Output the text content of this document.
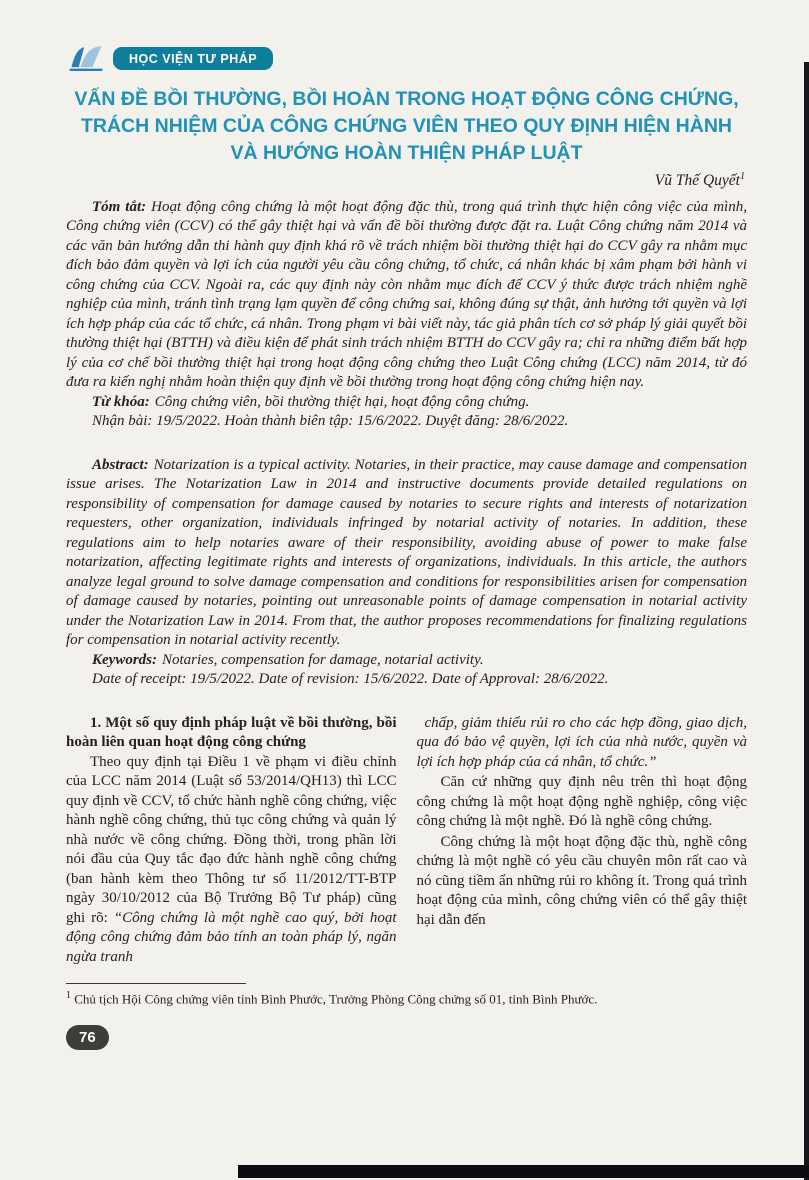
HỌC VIỆN TƯ PHÁP
VẤN ĐỀ BỒI THƯỜNG, BỒI HOÀN TRONG HOẠT ĐỘNG CÔNG CHỨNG, TRÁCH NHIỆM CỦA CÔNG CHỨNG VIÊN THEO QUY ĐỊNH HIỆN HÀNH VÀ HƯỚNG HOÀN THIỆN PHÁP LUẬT
Vũ Thế Quyết$^1$

Tóm tắt: Hoạt động công chứng là một hoạt động đặc thù, trong quá trình thực hiện công việc của mình, Công chứng viên (CCV) có thể gây thiệt hại và vấn đề bồi thường được đặt ra. Luật Công chứng năm 2014 và các văn bản hướng dẫn thi hành quy định khá rõ về trách nhiệm bồi thường thiệt hại do CCV gây ra nhằm mục đích bảo đảm quyền và lợi ích của người yêu cầu công chứng, tổ chức, cá nhân khác bị xâm phạm bởi hành vi công chứng của CCV. Ngoài ra, các quy định này còn nhằm mục đích để CCV ý thức được trách nhiệm nghề nghiệp của mình, tránh tình trạng lạm quyền để công chứng sai, không đúng sự thật, ảnh hưởng tới quyền và lợi ích hợp pháp của các tổ chức, cá nhân. Trong phạm vi bài viết này, tác giả phân tích cơ sở pháp lý giải quyết bồi thường thiệt hại (BTTH) và điều kiện để phát sinh trách nhiệm BTTH do CCV gây ra; chỉ ra những điểm bất hợp lý của cơ chế bồi thường thiệt hại trong hoạt động công chứng theo Luật Công chứng (LCC) năm 2014, từ đó đưa ra kiến nghị nhằm hoàn thiện quy định về bồi thường trong hoạt động công chứng hiện nay.

Từ khóa: Công chứng viên, bồi thường thiệt hại, hoạt động công chứng.

Nhận bài: 19/5/2022. Hoàn thành biên tập: 15/6/2022. Duyệt đăng: 28/6/2022.

Abstract: Notarization is a typical activity. Notaries, in their practice, may cause damage and compensation issue arises. The Notarization Law in 2014 and instructive documents provide detailed regulations on responsibility of compensation for damage caused by notaries to secure rights and interests of notarization requesters, other organization, individuals infringed by notarial activity of notaries. In addition, these regulations aim to help notaries aware of their responsibility, avoiding abuse of power to make false notarization, affecting legitimate rights and interests of organizations, individuals. In this article, the authors analyze legal ground to solve damage compensation and conditions for responsibilities arisen for compensation of damage caused by notaries, pointing out unreasonable points of damage compensation in notarial activity under the Notarization Law in 2014. From that, the author proposes recommendations for finalizing regulations for compensation in notarial activity recently.

Keywords: Notaries, compensation for damage, notarial activity.

Date of receipt: 19/5/2022. Date of revision: 15/6/2022. Date of Approval: 28/6/2022.

1. Một số quy định pháp luật về bồi thường, bồi hoàn liên quan hoạt động công chứng

Theo quy định tại Điều 1 về phạm vi điều chỉnh của LCC năm 2014 (Luật số 53/2014/QH13) thì LCC quy định về CCV, tổ chức hành nghề công chứng, việc hành nghề công chứng, thủ tục công chứng và quản lý nhà nước về công chứng. Đồng thời, trong phần lời nói đầu của Quy tắc đạo đức hành nghề công chứng (ban hành kèm theo Thông tư số 11/2012/TT-BTP ngày 30/10/2012 của Bộ Trưởng Bộ Tư pháp) cũng ghi rõ: “Công chứng là một nghề cao quý, bởi hoạt động công chứng đảm bảo tính an toàn pháp lý, ngăn ngừa tranh

chấp, giảm thiểu rủi ro cho các hợp đồng, giao dịch, qua đó bảo vệ quyền, lợi ích của nhà nước, quyền và lợi ích hợp pháp của cá nhân, tổ chức.”

Căn cứ những quy định nêu trên thì hoạt động công chứng là một hoạt động nghề nghiệp, công việc công chứng là một nghề. Đó là nghề công chứng.

Công chứng là một hoạt động đặc thù, nghề công chứng là một nghề có yêu cầu chuyên môn rất cao và nó cũng tiềm ẩn những rủi ro không ít. Trong quá trình hoạt động của mình, công chứng viên có thể gây thiệt hại dẫn đến

$^1$ Chủ tịch Hội Công chứng viên tỉnh Bình Phước, Trưởng Phòng Công chứng số 01, tỉnh Bình Phước.

76
